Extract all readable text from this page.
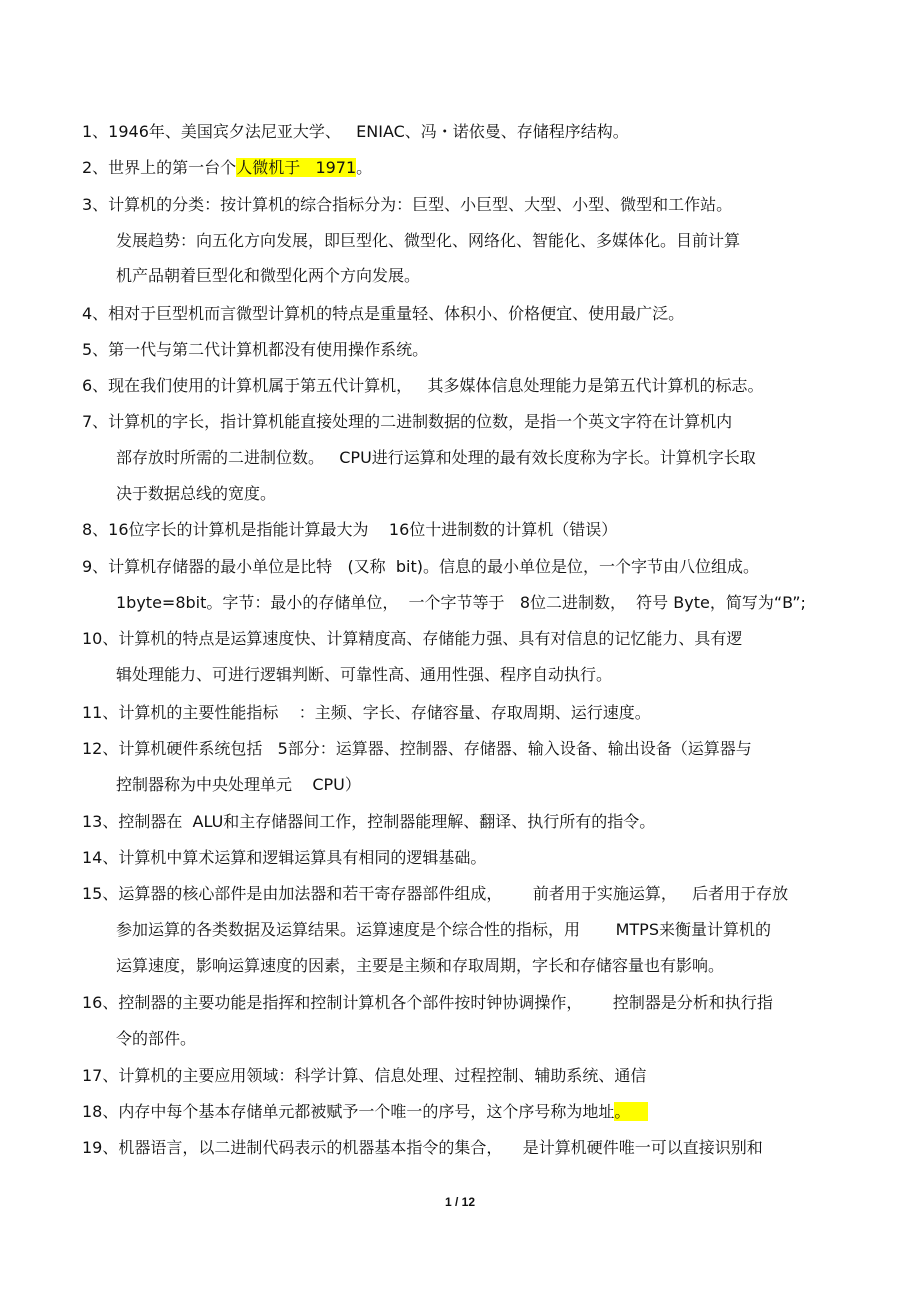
1、1946年、美国宾夕法尼亚大学、   ENIAC、冯・诺依曼、存储程序结构。
2、世界上的第一台个人微机于   1971。
3、计算机的分类：按计算机的综合指标分为：巨型、小巨型、大型、小型、微型和工作站。
发展趋势：向五化方向发展，即巨型化、微型化、网络化、智能化、多媒体化。目前计算
机产品朝着巨型化和微型化两个方向发展。
4、相对于巨型机而言微型计算机的特点是重量轻、体积小、价格便宜、使用最广泛。
5、第一代与第二代计算机都没有使用操作系统。
6、现在我们使用的计算机属于第五代计算机，   其多媒体信息处理能力是第五代计算机的标志。
7、计算机的字长，指计算机能直接处理的二进制数据的位数，是指一个英文字符在计算机内
部存放时所需的二进制位数。   CPU进行运算和处理的最有效长度称为字长。计算机字长取
决于数据总线的宽度。
8、16位字长的计算机是指能计算最大为    16位十进制数的计算机（错误）
9、计算机存储器的最小单位是比特   (又称  bit)。信息的最小单位是位，一个字节由八位组成。
1byte=8bit。字节：最小的存储单位，  一个字节等于   8位二进制数，  符号 Byte，简写为“B”;
10、计算机的特点是运算速度快、计算精度高、存储能力强、具有对信息的记忆能力、具有逻
辑处理能力、可进行逻辑判断、可靠性高、通用性强、程序自动执行。
11、计算机的主要性能指标    ：主频、字长、存储容量、存取周期、运行速度。
12、计算机硬件系统包括   5部分：运算器、控制器、存储器、输入设备、输出设备（运算器与
控制器称为中央处理单元    CPU）
13、控制器在  ALU和主存储器间工作，控制器能理解、翻译、执行所有的指令。
14、计算机中算术运算和逻辑运算具有相同的逻辑基础。
15、运算器的核心部件是由加法器和若干寄存器部件组成，      前者用于实施运算，   后者用于存放
参加运算的各类数据及运算结果。运算速度是个综合性的指标，用       MTPS来衡量计算机的
运算速度，影响运算速度的因素，主要是主频和存取周期，字长和存储容量也有影响。
16、控制器的主要功能是指挥和控制计算机各个部件按时钟协调操作，      控制器是分析和执行指
令的部件。
17、计算机的主要应用领域：科学计算、信息处理、过程控制、辅助系统、通信
18、内存中每个基本存储单元都被赋予一个唯一的序号，这个序号称为地址。
19、机器语言，以二进制代码表示的机器基本指令的集合，    是计算机硬件唯一可以直接识别和
1 / 12
